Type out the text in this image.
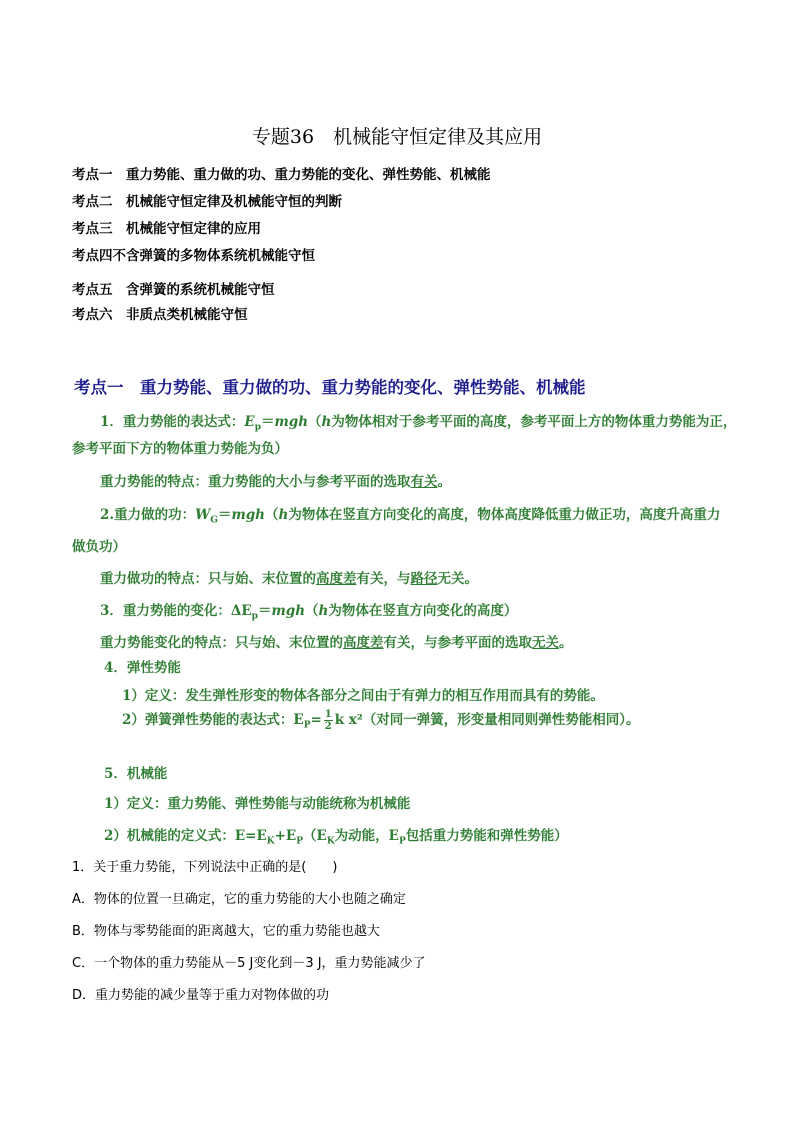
专题36　机械能守恒定律及其应用
考点一　 重力势能、重力做的功、重力势能的变化、弹性势能、机械能
考点二　 机械能守恒定律及机械能守恒的判断
考点三　 机械能守恒定律的应用
考点四不含弹簧的多物体系统机械能守恒
考点五　 含弹簧的系统机械能守恒
考点六　 非质点类机械能守恒
考点一　 重力势能、重力做的功、重力势能的变化、弹性势能、机械能
1．重力势能的表达式：$E_p=mgh(h$为物体相对于参考平面的高度，参考平面上方的物体重力势能为正，
参考平面下方的物体重力势能为负）
重力势能的特点：重力势能的大小与参考平面的选取有关。
2.重力做的功：$W_G=mgh(h$为物体在竖直方向变化的高度，物体高度降低重力做正功，高度升高重力
做负功）
重力做功的特点：只与始、末位置的高度差有关，与路径无关。
3．重力势能的变化：$\Delta E_p=mgh(h$为物体在竖直方向变化的高度）
重力势能变化的特点：只与始、末位置的高度差有关，与参考平面的选取无关。
4．弹性势能
1）定义：发生弹性形变的物体各部分之间由于有弹力的相互作用而具有的势能。
2）弹簧弹性势能的表达式：$E_P= \frac{1}{2}$ k x²（对同一弹簧，形变量相同则弹性势能相同）。
5．机械能
1）定义：重力势能、弹性势能与动能统称为机械能
2）机械能的定义式：$E=E_K+E_P(E_K$为动能，$E_P$包括重力势能和弹性势能）
1．关于重力势能，下列说法中正确的是(　　)
A．物体的位置一旦确定，它的重力势能的大小也随之确定
B．物体与零势能面的距离越大，它的重力势能也越大
C．一个物体的重力势能从－5 J变化到－3 J，重力势能减少了
D．重力势能的减少量等于重力对物体做的功
